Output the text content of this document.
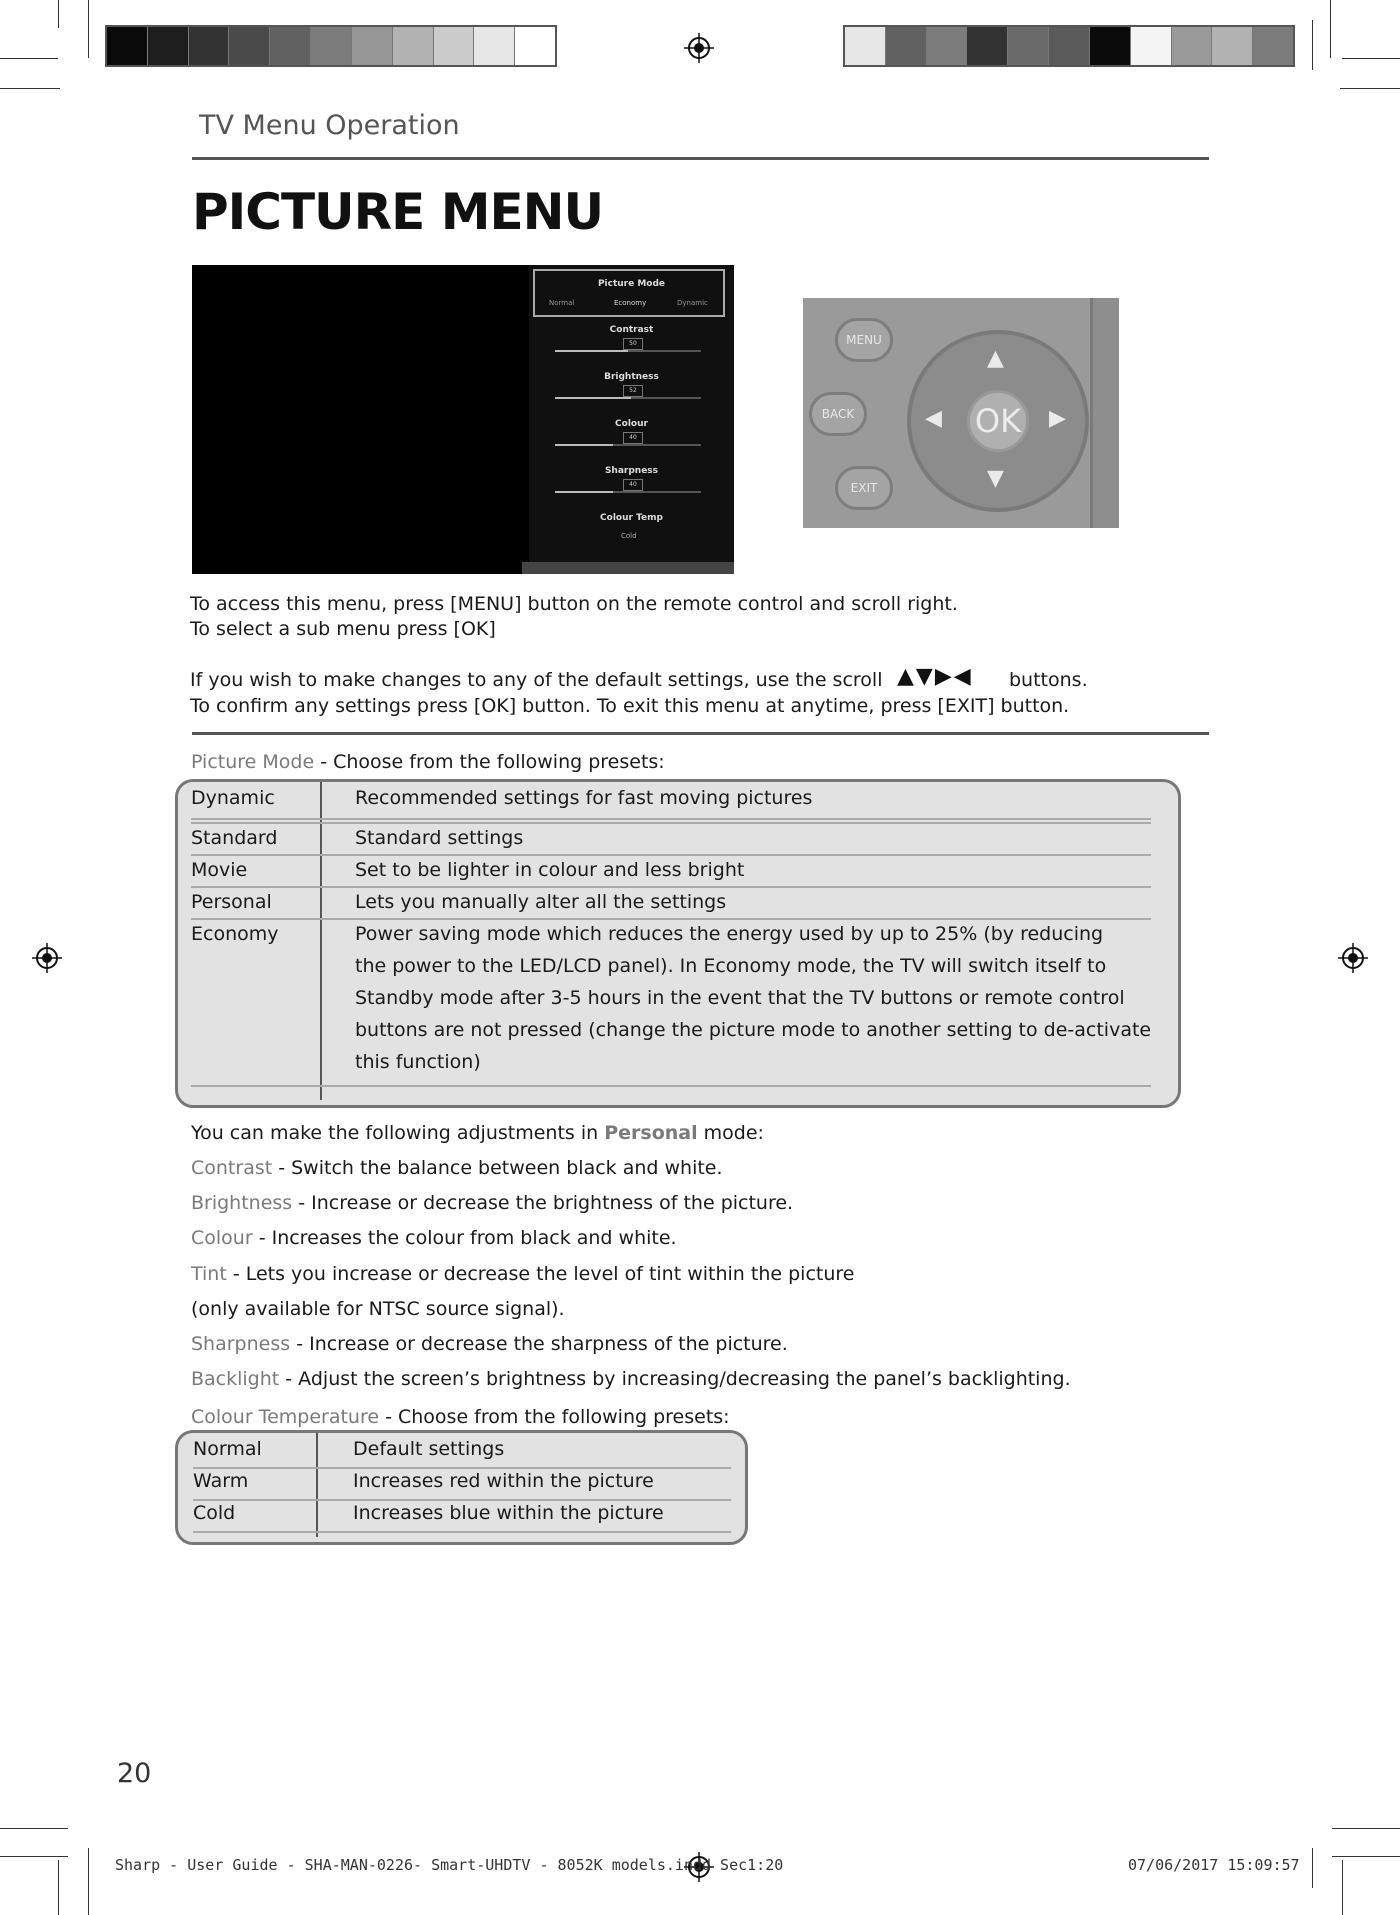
TV Menu Operation
PICTURE MENU
Picture Mode
Normal	Economy	Dynamic
Contrast
50
Brightness
52
Colour
40
Sharpness
40
Colour Temp
Cold
MENU
BACK
EXIT
OK
▲
▼
◀	▶
To access this menu, press [MENU] button on the remote control and scroll right.
To select a sub menu press [OK]
If you wish to make changes to any of the default settings, use the scroll ▲▼▶◀ buttons.
To confirm any settings press [OK] button. To exit this menu at anytime, press [EXIT] button.
Picture Mode - Choose from the following presets:
Dynamic	Recommended settings for fast moving pictures
Standard	Standard settings
Movie	Set to be lighter in colour and less bright
Personal	Lets you manually alter all the settings
Economy	Power saving mode which reduces the energy used by up to 25% (by reducing
the power to the LED/LCD panel). In Economy mode, the TV will switch itself to
Standby mode after 3-5 hours in the event that the TV buttons or remote control
buttons are not pressed (change the picture mode to another setting to de-activate
this function)
You can make the following adjustments in Personal mode:
Contrast - Switch the balance between black and white.
Brightness - Increase or decrease the brightness of the picture.
Colour - Increases the colour from black and white.
Tint - Lets you increase or decrease the level of tint within the picture
(only available for NTSC source signal).
Sharpness - Increase or decrease the sharpness of the picture.
Backlight - Adjust the screen’s brightness by increasing/decreasing the panel’s backlighting.
Colour Temperature - Choose from the following presets:
Normal	Default settings
Warm	Increases red within the picture
Cold	Increases blue within the picture
20
Sharp - User Guide - SHA-MAN-0226- Smart-UHDTV - 8052K models.indd Sec1:20	07/06/2017 15:09:57
